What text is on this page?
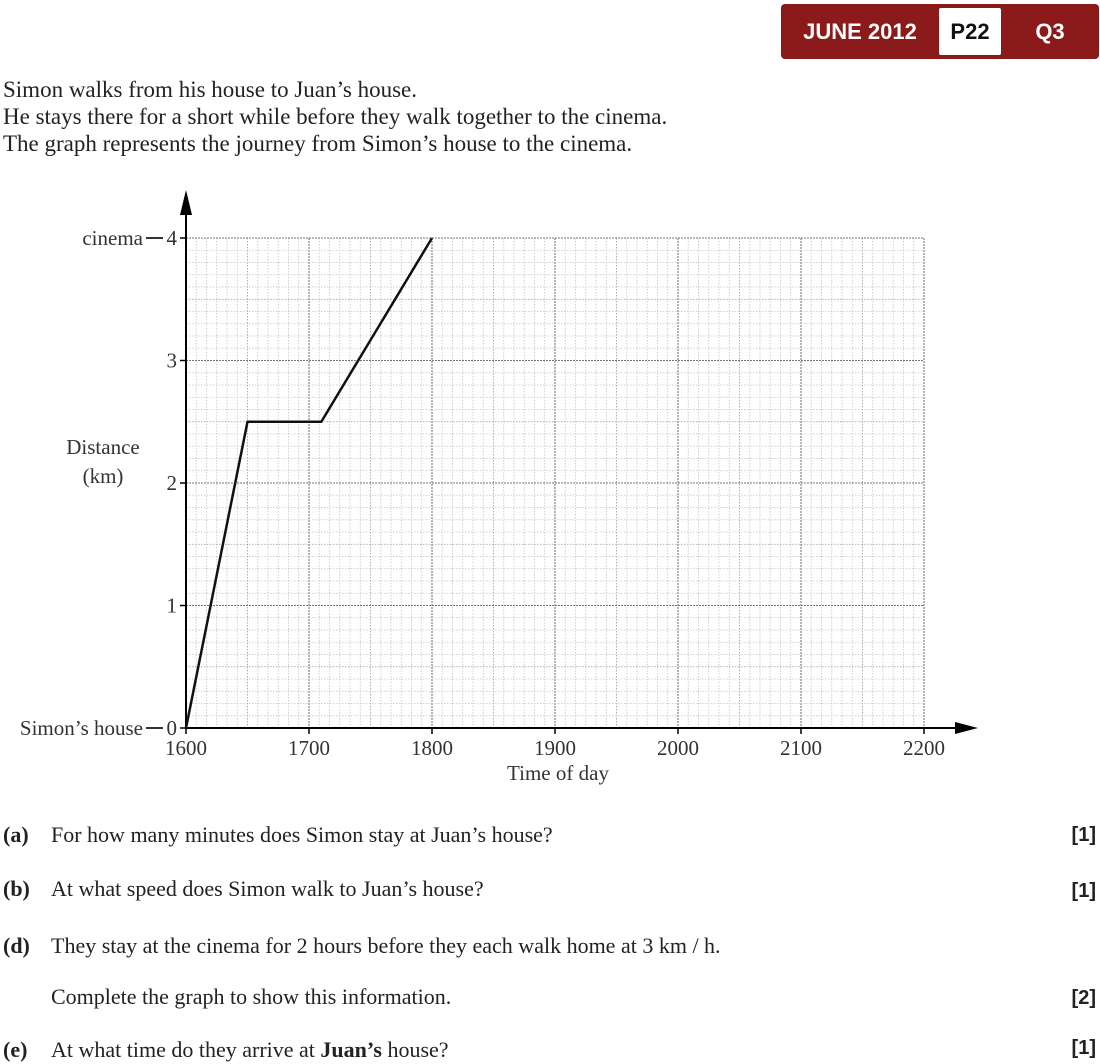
JUNE 2012	P22	Q3
Simon walks from his house to Juan’s house.
He stays there for a short while before they walk together to the cinema.
The graph represents the journey from Simon’s house to the cinema.
0
1
2
3
4
cinema
Simon’s house
1600	1700	1800	1900	2000	2100	2200
Time of day
Distance
(km)
(a) For how many minutes does Simon stay at Juan’s house?	[1]
(b) At what speed does Simon walk to Juan’s house?	[1]
(d) They stay at the cinema for 2 hours before they each walk home at 3 km / h.
Complete the graph to show this information.	[2]
(e) At what time do they arrive at Juan’s house?	[1]
